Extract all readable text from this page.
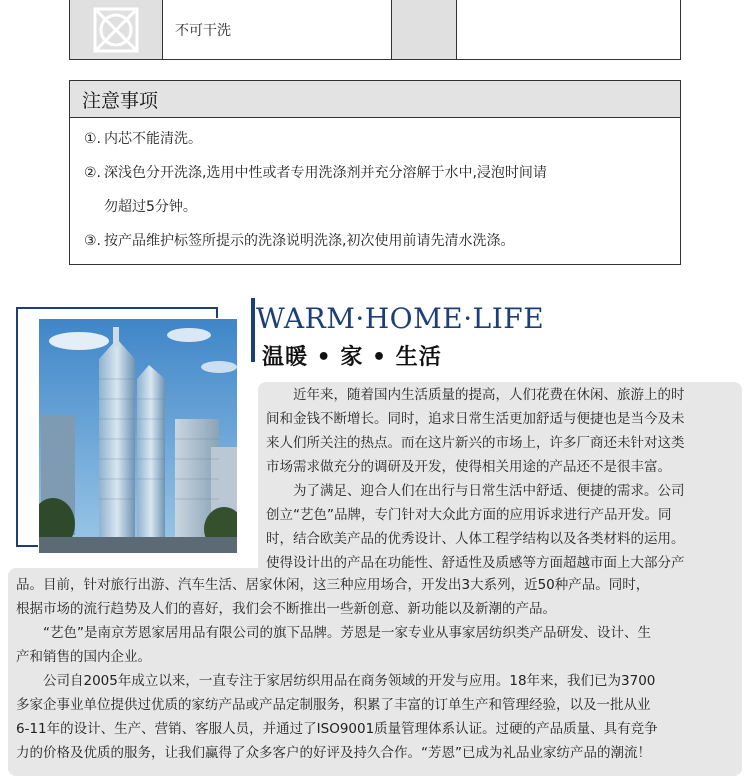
不可干洗
注意事项
①. 内芯不能清洗。
②. 深浅色分开洗涤,选用中性或者专用洗涤剂并充分溶解于水中,浸泡时间请
勿超过5分钟。
③. 按产品维护标签所提示的洗涤说明洗涤,初次使用前请先清水洗涤。
WARM·HOME·LIFE
温暖 • 家 • 生活
近年来，随着国内生活质量的提高，人们花费在休闲、旅游上的时
间和金钱不断增长。同时，追求日常生活更加舒适与便捷也是当今及未
来人们所关注的热点。而在这片新兴的市场上，许多厂商还未针对这类
市场需求做充分的调研及开发，使得相关用途的产品还不是很丰富。
为了满足、迎合人们在出行与日常生活中舒适、便捷的需求。公司
创立“艺色”品牌，专门针对大众此方面的应用诉求进行产品开发。同
时，结合欧美产品的优秀设计、人体工程学结构以及各类材料的运用。
使得设计出的产品在功能性、舒适性及质感等方面超越市面上大部分产
品。目前，针对旅行出游、汽车生活、居家休闲，这三种应用场合，开发出3大系列，近50种产品。同时，
根据市场的流行趋势及人们的喜好，我们会不断推出一些新创意、新功能以及新潮的产品。
“艺色”是南京芳恩家居用品有限公司的旗下品牌。芳恩是一家专业从事家居纺织类产品研发、设计、生
产和销售的国内企业。
公司自2005年成立以来，一直专注于家居纺织用品在商务领域的开发与应用。18年来，我们已为3700
多家企事业单位提供过优质的家纺产品或产品定制服务，积累了丰富的订单生产和管理经验，以及一批从业
6-11年的设计、生产、营销、客服人员，并通过了ISO9001质量管理体系认证。过硬的产品质量、具有竞争
力的价格及优质的服务，让我们赢得了众多客户的好评及持久合作。“芳恩”已成为礼品业家纺产品的潮流！
